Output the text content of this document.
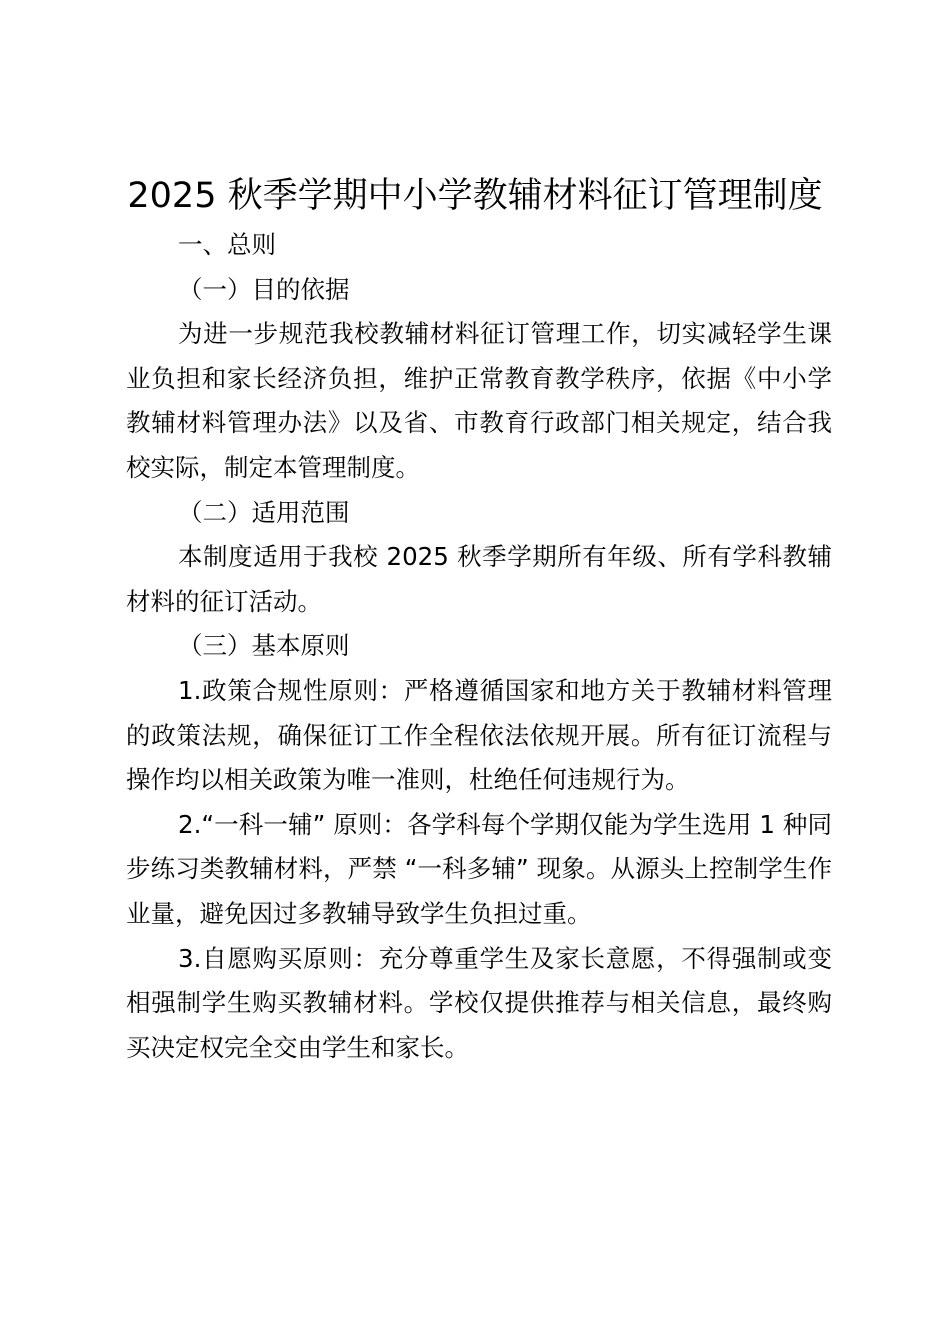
2025 秋季学期中小学教辅材料征订管理制度

一、总则

（一）目的依据

为进一步规范我校教辅材料征订管理工作，切实减轻学生课业负担和家长经济负担，维护正常教育教学秩序，依据《中小学教辅材料管理办法》以及省、市教育行政部门相关规定，结合我校实际，制定本管理制度。

（二）适用范围

本制度适用于我校 2025 秋季学期所有年级、所有学科教辅材料的征订活动。

（三）基本原则

1.政策合规性原则：严格遵循国家和地方关于教辅材料管理的政策法规，确保征订工作全程依法依规开展。所有征订流程与操作均以相关政策为唯一准则，杜绝任何违规行为。

2.“一科一辅” 原则：各学科每个学期仅能为学生选用 1 种同步练习类教辅材料，严禁 “一科多辅” 现象。从源头上控制学生作业量，避免因过多教辅导致学生负担过重。

3.自愿购买原则：充分尊重学生及家长意愿，不得强制或变相强制学生购买教辅材料。学校仅提供推荐与相关信息，最终购买决定权完全交由学生和家长。
